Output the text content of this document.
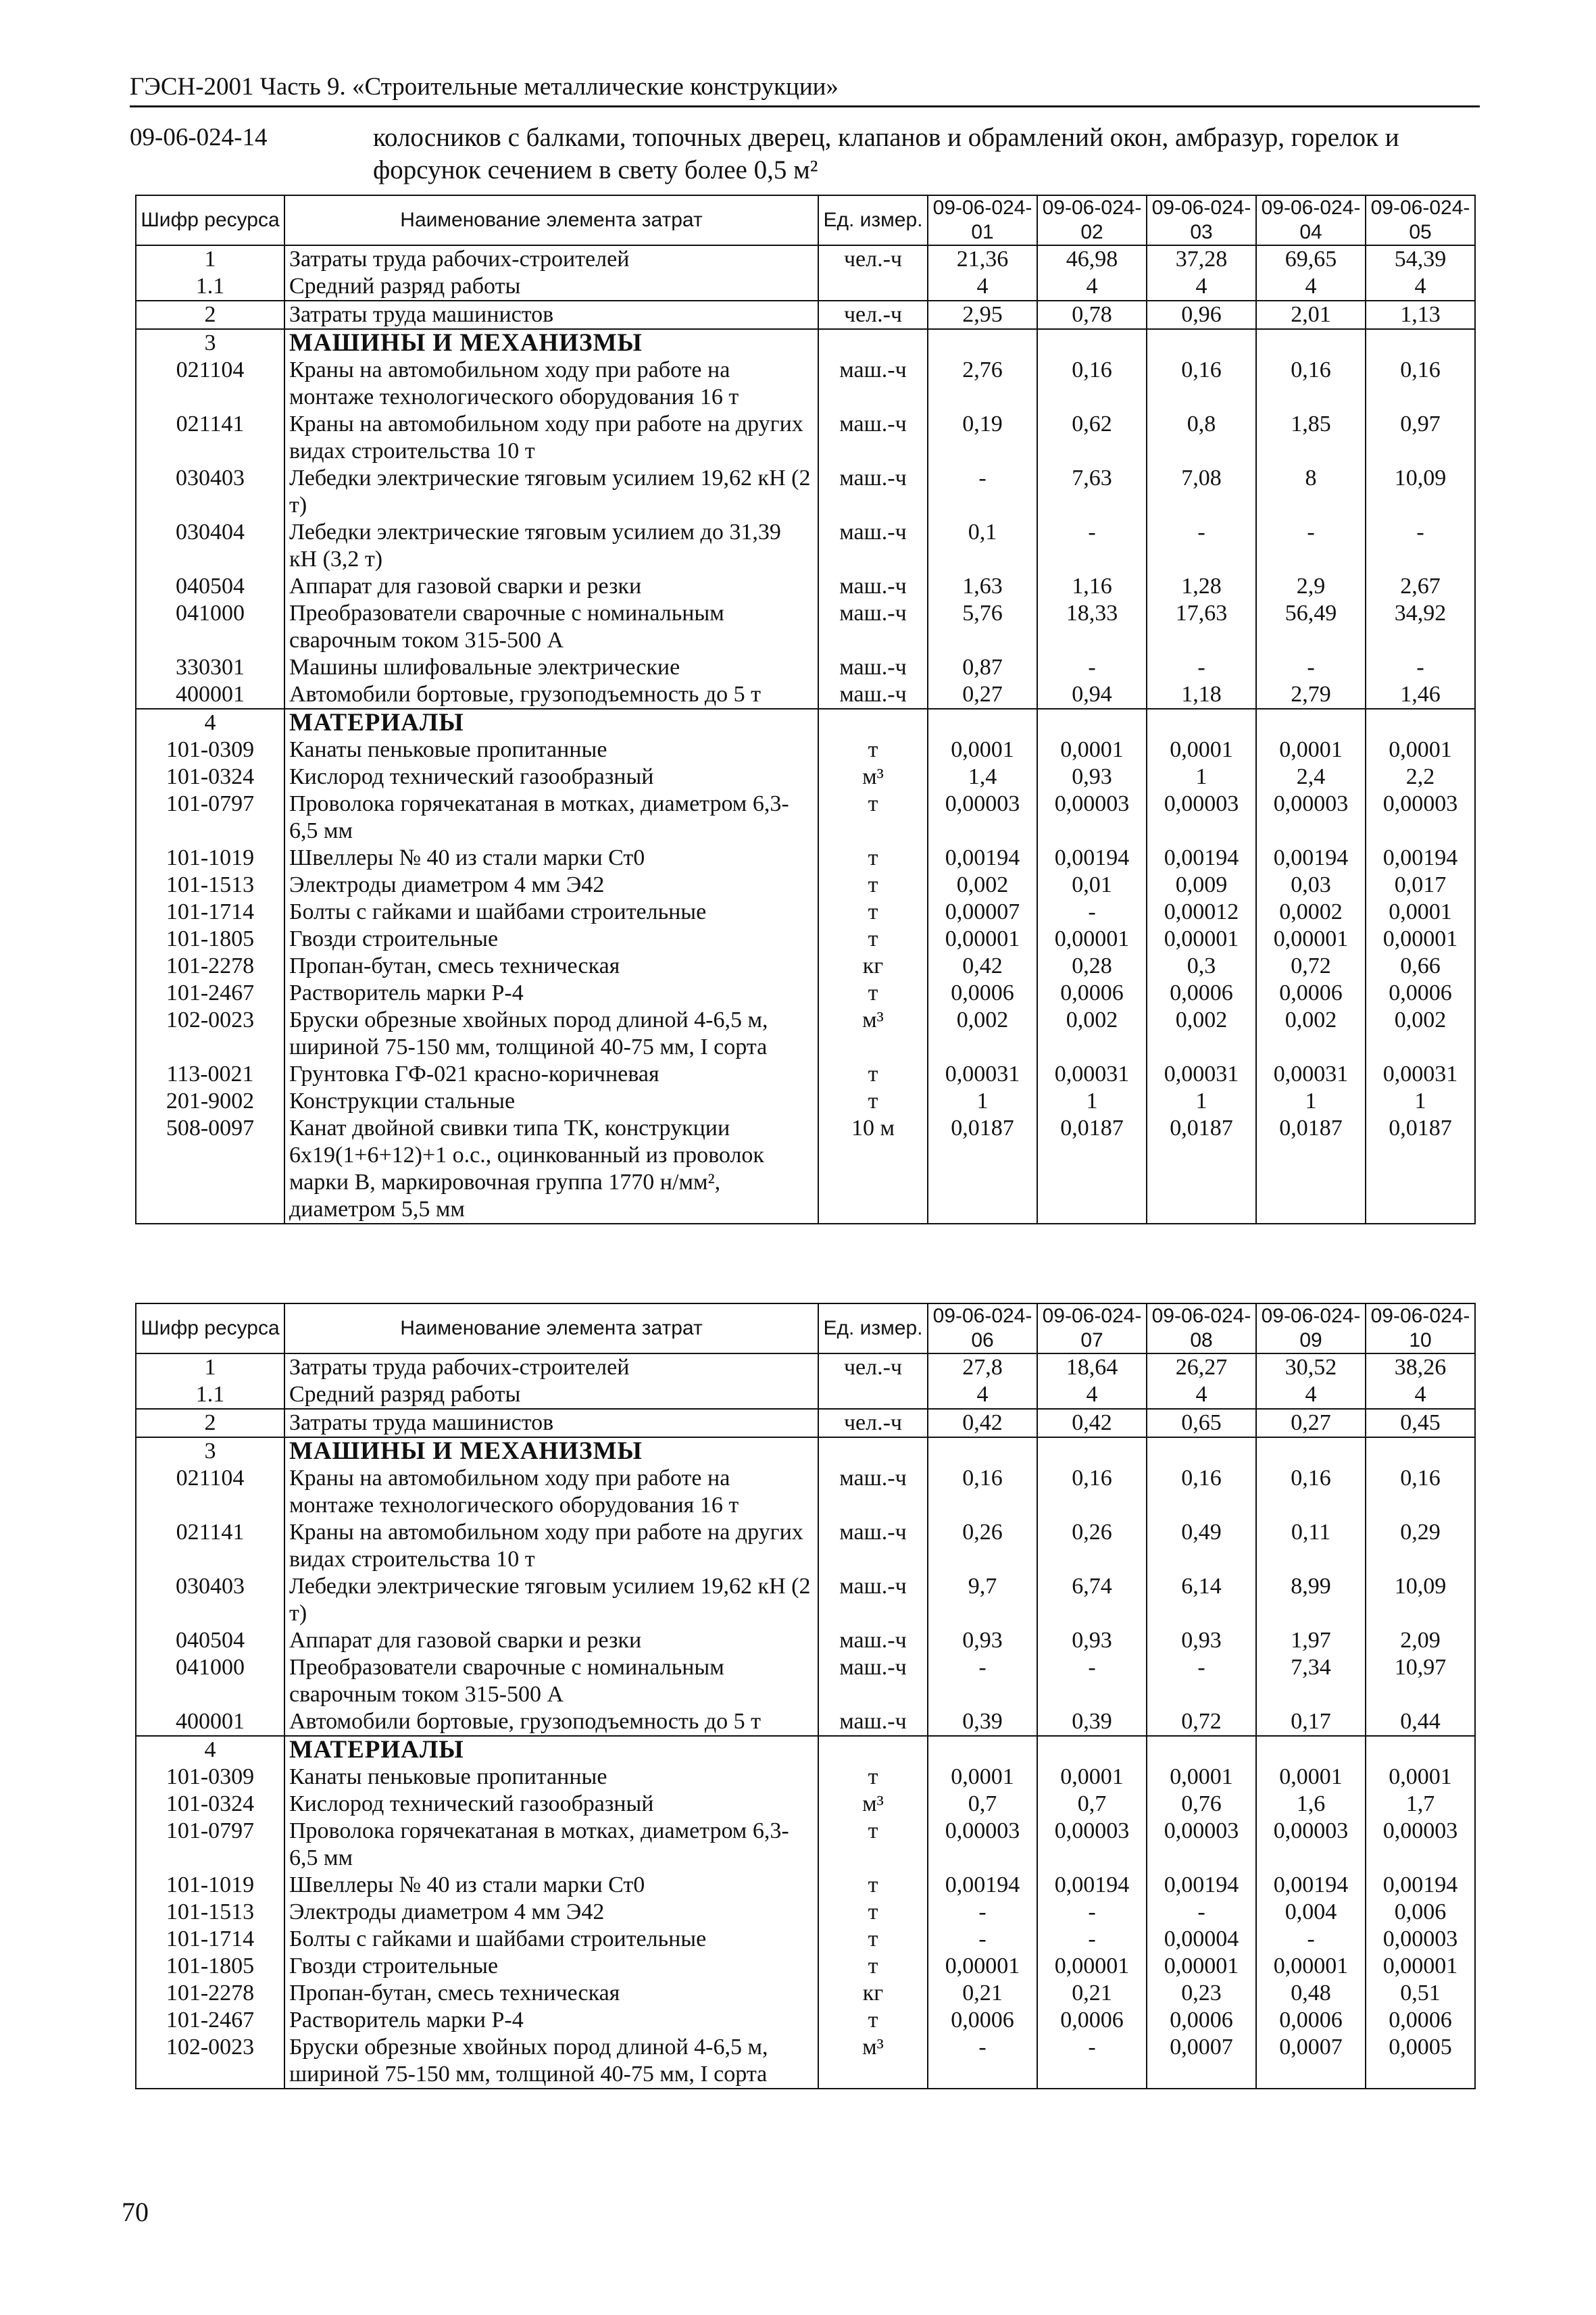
ГЭСН-2001 Часть 9. «Строительные металлические конструкции»
09-06-024-14	колосников с балками, топочных дверец, клапанов и обрамлений окон, амбразур, горелок и форсунок сечением в свету более 0,5 м²
Шифр ресурса	Наименование элемента затрат	Ед. измер.	09-06-024-01	09-06-024-02	09-06-024-03	09-06-024-04	09-06-024-05
1	Затраты труда рабочих-строителей	чел.-ч	21,36	46,98	37,28	69,65	54,39
1.1	Средний разряд работы		4	4	4	4	4
2	Затраты труда машинистов	чел.-ч	2,95	0,78	0,96	2,01	1,13
3	МАШИНЫ И МЕХАНИЗМЫ						
021104	Краны на автомобильном ходу при работе на монтаже технологического оборудования 16 т	маш.-ч	2,76	0,16	0,16	0,16	0,16
021141	Краны на автомобильном ходу при работе на других видах строительства 10 т	маш.-ч	0,19	0,62	0,8	1,85	0,97
030403	Лебедки электрические тяговым усилием 19,62 кН (2 т)	маш.-ч	-	7,63	7,08	8	10,09
030404	Лебедки электрические тяговым усилием до 31,39 кН (3,2 т)	маш.-ч	0,1	-	-	-	-
040504	Аппарат для газовой сварки и резки	маш.-ч	1,63	1,16	1,28	2,9	2,67
041000	Преобразователи сварочные с номинальным сварочным током 315-500 А	маш.-ч	5,76	18,33	17,63	56,49	34,92
330301	Машины шлифовальные электрические	маш.-ч	0,87	-	-	-	-
400001	Автомобили бортовые, грузоподъемность до 5 т	маш.-ч	0,27	0,94	1,18	2,79	1,46
4	МАТЕРИАЛЫ						
101-0309	Канаты пеньковые пропитанные	т	0,0001	0,0001	0,0001	0,0001	0,0001
101-0324	Кислород технический газообразный	м³	1,4	0,93	1	2,4	2,2
101-0797	Проволока горячекатаная в мотках, диаметром 6,3-6,5 мм	т	0,00003	0,00003	0,00003	0,00003	0,00003
101-1019	Швеллеры № 40 из стали марки Ст0	т	0,00194	0,00194	0,00194	0,00194	0,00194
101-1513	Электроды диаметром 4 мм Э42	т	0,002	0,01	0,009	0,03	0,017
101-1714	Болты с гайками и шайбами строительные	т	0,00007	-	0,00012	0,0002	0,0001
101-1805	Гвозди строительные	т	0,00001	0,00001	0,00001	0,00001	0,00001
101-2278	Пропан-бутан, смесь техническая	кг	0,42	0,28	0,3	0,72	0,66
101-2467	Растворитель марки Р-4	т	0,0006	0,0006	0,0006	0,0006	0,0006
102-0023	Бруски обрезные хвойных пород длиной 4-6,5 м, шириной 75-150 мм, толщиной 40-75 мм, I сорта	м³	0,002	0,002	0,002	0,002	0,002
113-0021	Грунтовка ГФ-021 красно-коричневая	т	0,00031	0,00031	0,00031	0,00031	0,00031
201-9002	Конструкции стальные	т	1	1	1	1	1
508-0097	Канат двойной свивки типа ТК, конструкции 6х19(1+6+12)+1 о.с., оцинкованный из проволок марки В, маркировочная группа 1770 н/мм², диаметром 5,5 мм	10 м	0,0187	0,0187	0,0187	0,0187	0,0187
Шифр ресурса	Наименование элемента затрат	Ед. измер.	09-06-024-06	09-06-024-07	09-06-024-08	09-06-024-09	09-06-024-10
1	Затраты труда рабочих-строителей	чел.-ч	27,8	18,64	26,27	30,52	38,26
1.1	Средний разряд работы		4	4	4	4	4
2	Затраты труда машинистов	чел.-ч	0,42	0,42	0,65	0,27	0,45
3	МАШИНЫ И МЕХАНИЗМЫ						
021104	Краны на автомобильном ходу при работе на монтаже технологического оборудования 16 т	маш.-ч	0,16	0,16	0,16	0,16	0,16
021141	Краны на автомобильном ходу при работе на других видах строительства 10 т	маш.-ч	0,26	0,26	0,49	0,11	0,29
030403	Лебедки электрические тяговым усилием 19,62 кН (2 т)	маш.-ч	9,7	6,74	6,14	8,99	10,09
040504	Аппарат для газовой сварки и резки	маш.-ч	0,93	0,93	0,93	1,97	2,09
041000	Преобразователи сварочные с номинальным сварочным током 315-500 А	маш.-ч	-	-	-	7,34	10,97
400001	Автомобили бортовые, грузоподъемность до 5 т	маш.-ч	0,39	0,39	0,72	0,17	0,44
4	МАТЕРИАЛЫ						
101-0309	Канаты пеньковые пропитанные	т	0,0001	0,0001	0,0001	0,0001	0,0001
101-0324	Кислород технический газообразный	м³	0,7	0,7	0,76	1,6	1,7
101-0797	Проволока горячекатаная в мотках, диаметром 6,3-6,5 мм	т	0,00003	0,00003	0,00003	0,00003	0,00003
101-1019	Швеллеры № 40 из стали марки Ст0	т	0,00194	0,00194	0,00194	0,00194	0,00194
101-1513	Электроды диаметром 4 мм Э42	т	-	-	-	0,004	0,006
101-1714	Болты с гайками и шайбами строительные	т	-	-	0,00004	-	0,00003
101-1805	Гвозди строительные	т	0,00001	0,00001	0,00001	0,00001	0,00001
101-2278	Пропан-бутан, смесь техническая	кг	0,21	0,21	0,23	0,48	0,51
101-2467	Растворитель марки Р-4	т	0,0006	0,0006	0,0006	0,0006	0,0006
102-0023	Бруски обрезные хвойных пород длиной 4-6,5 м, шириной 75-150 мм, толщиной 40-75 мм, I сорта	м³	-	-	0,0007	0,0007	0,0005
70
